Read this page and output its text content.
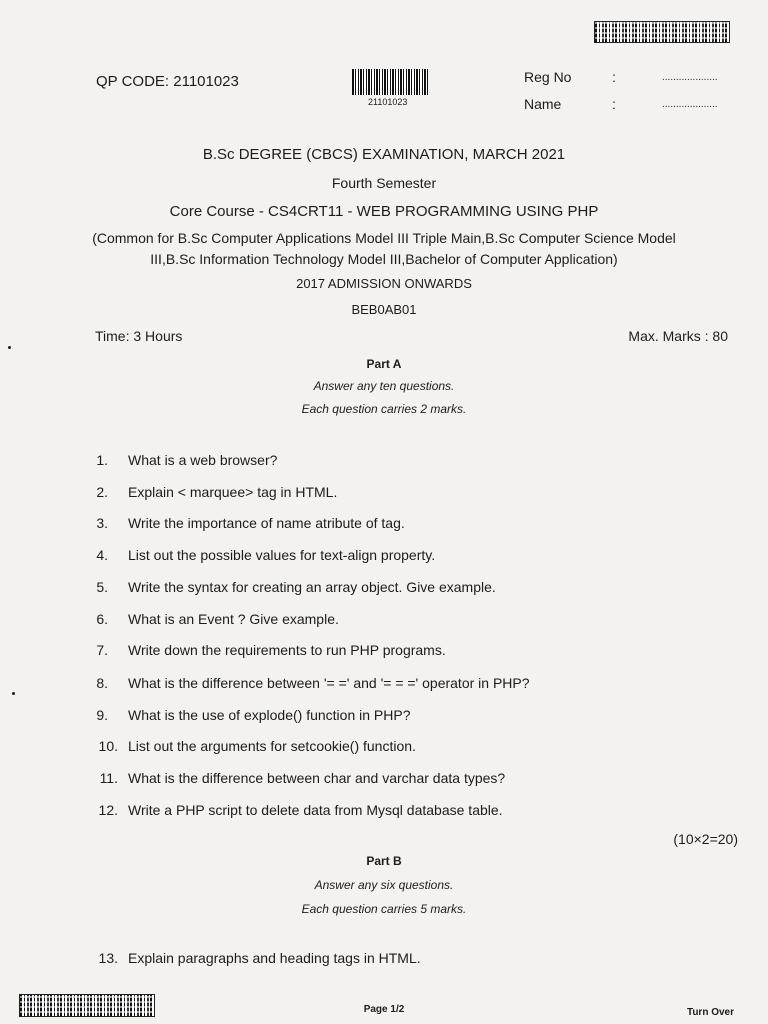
QP CODE: 21101023
21101023
Reg No	:	....................
Name	:	....................
B.Sc DEGREE (CBCS) EXAMINATION, MARCH 2021
Fourth Semester
Core Course - CS4CRT11 - WEB PROGRAMMING USING PHP
(Common for B.Sc Computer Applications Model III Triple Main,B.Sc Computer Science Model
III,B.Sc Information Technology Model III,Bachelor of Computer Application)
2017 ADMISSION ONWARDS
BEB0AB01
Time: 3 Hours	Max. Marks : 80
Part A
Answer any ten questions.
Each question carries 2 marks.
1. What is a web browser?
2. Explain < marquee> tag in HTML.
3. Write the importance of name atribute of tag.
4. List out the possible values for text-align property.
5. Write the syntax for creating an array object. Give example.
6. What is an Event ? Give example.
7. Write down the requirements to run PHP programs.
8. What is the difference between '= =' and '= = =' operator in PHP?
9. What is the use of explode() function in PHP?
10. List out the arguments for setcookie() function.
11. What is the difference between char and varchar data types?
12. Write a PHP script to delete data from Mysql database table.
(10×2=20)
Part B
Answer any six questions.
Each question carries 5 marks.
13. Explain paragraphs and heading tags in HTML.
Page 1/2	Turn Over
